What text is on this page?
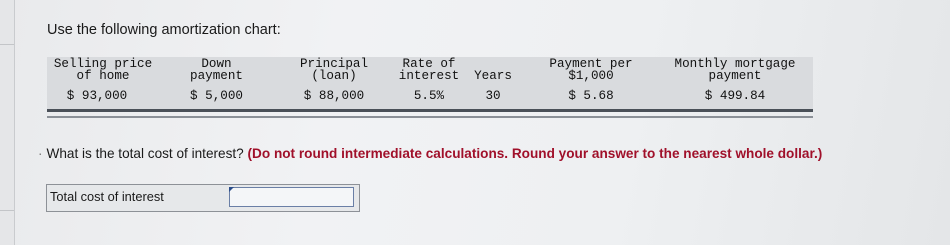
Use the following amortization chart:
Selling price
of home
$ 93,000
Down
payment
$ 5,000
Principal
(loan)
$ 88,000
Rate of
interest
5.5%

Years
30
Payment per
$1,000
$ 5.68
Monthly mortgage
payment
$ 499.84
· What is the total cost of interest? (Do not round intermediate calculations. Round your answer to the nearest whole dollar.)
Total cost of interest
